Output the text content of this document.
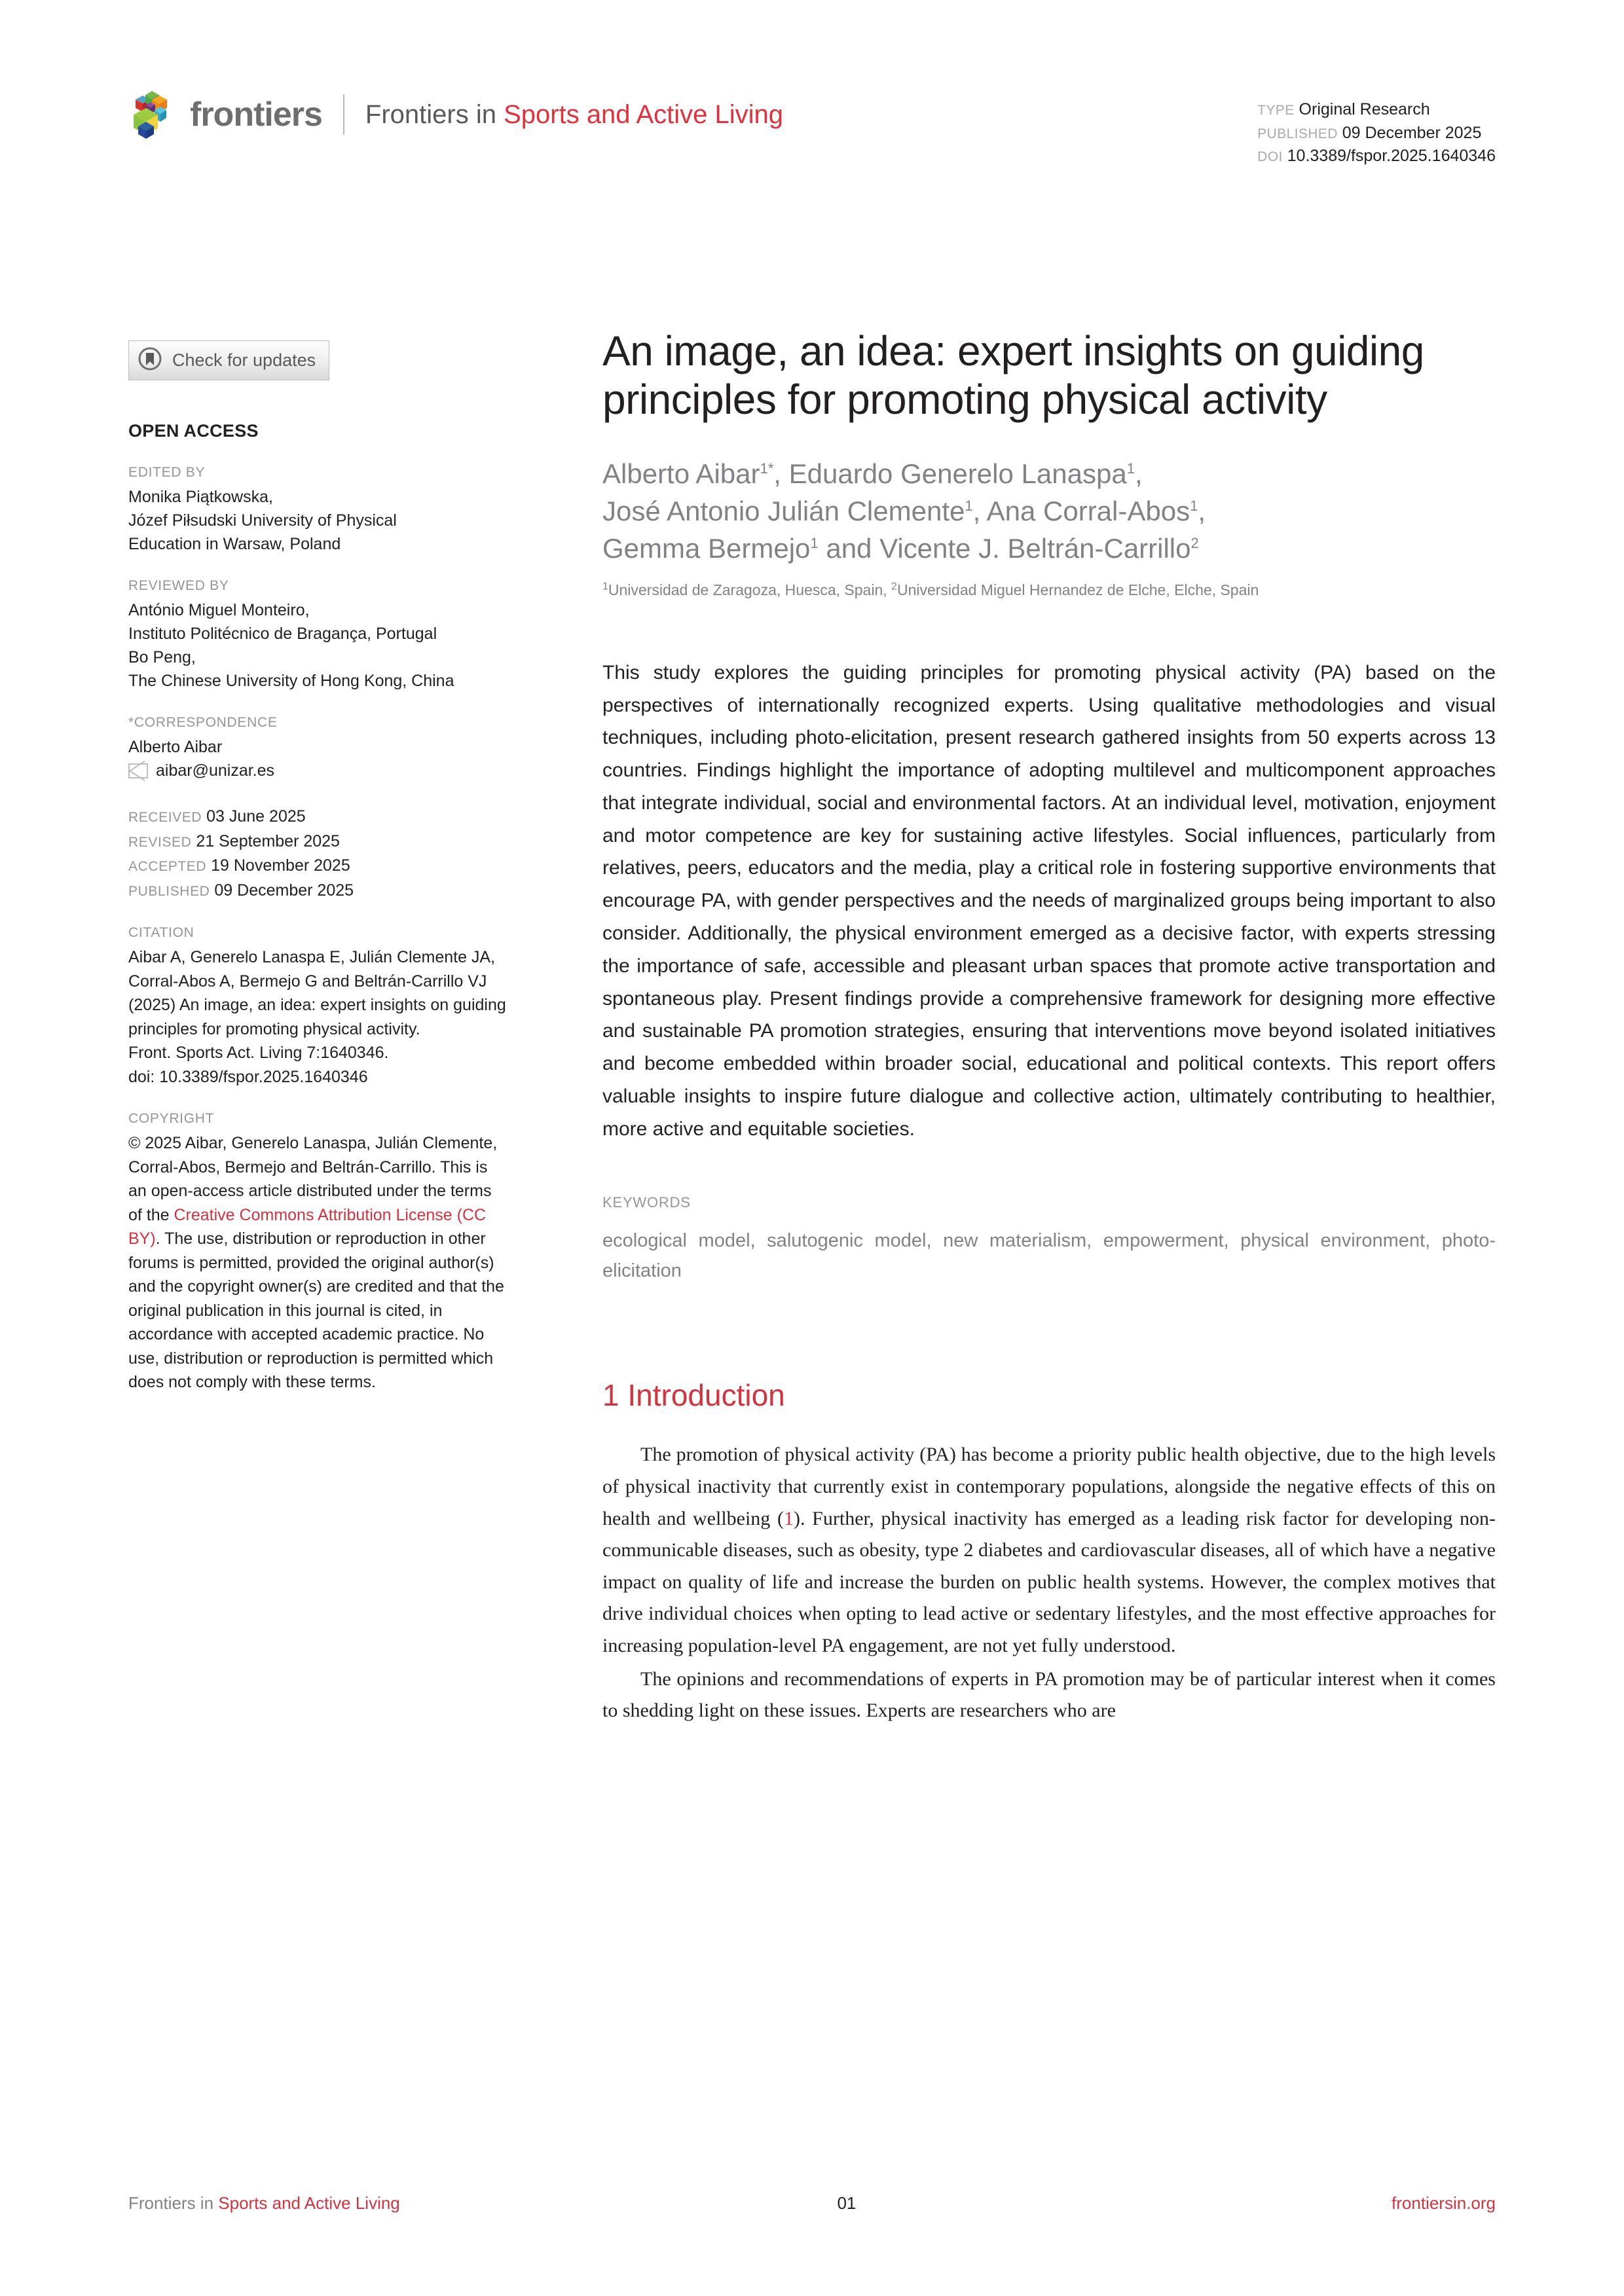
frontiers Frontiers in Sports and Active Living	TYPE Original Research
PUBLISHED 09 December 2025
DOI 10.3389/fspor.2025.1640346
Check for updates
OPEN ACCESS
EDITED BY
Monika Piątkowska,
Józef Piłsudski University of Physical
Education in Warsaw, Poland
REVIEWED BY
António Miguel Monteiro,
Instituto Politécnico de Bragança, Portugal
Bo Peng,
The Chinese University of Hong Kong, China
*CORRESPONDENCE
Alberto Aibar
aibar@unizar.es
RECEIVED 03 June 2025
REVISED 21 September 2025
ACCEPTED 19 November 2025
PUBLISHED 09 December 2025
CITATION
Aibar A, Generelo Lanaspa E, Julián Clemente JA, Corral-Abos A, Bermejo G and Beltrán-Carrillo VJ (2025) An image, an idea: expert insights on guiding principles for promoting physical activity.
Front. Sports Act. Living 7:1640346.
doi: 10.3389/fspor.2025.1640346
COPYRIGHT
© 2025 Aibar, Generelo Lanaspa, Julián Clemente, Corral-Abos, Bermejo and Beltrán-Carrillo. This is an open-access article distributed under the terms of the Creative Commons Attribution License (CC BY). The use, distribution or reproduction in other forums is permitted, provided the original author(s) and the copyright owner(s) are credited and that the original publication in this journal is cited, in accordance with accepted academic practice. No use, distribution or reproduction is permitted which does not comply with these terms.
An image, an idea: expert insights on guiding principles for promoting physical activity
Alberto Aibar$^{1*}$, Eduardo Generelo Lanaspa$^1$,
José Antonio Julián Clemente$^1$, Ana Corral-Abos$^1$,
Gemma Bermejo$^1$ and Vicente J. Beltrán-Carrillo$^2$
$^1$Universidad de Zaragoza, Huesca, Spain, $^2$Universidad Miguel Hernandez de Elche, Elche, Spain
This study explores the guiding principles for promoting physical activity (PA) based on the perspectives of internationally recognized experts. Using qualitative methodologies and visual techniques, including photo-elicitation, present research gathered insights from 50 experts across 13 countries. Findings highlight the importance of adopting multilevel and multicomponent approaches that integrate individual, social and environmental factors. At an individual level, motivation, enjoyment and motor competence are key for sustaining active lifestyles. Social influences, particularly from relatives, peers, educators and the media, play a critical role in fostering supportive environments that encourage PA, with gender perspectives and the needs of marginalized groups being important to also consider. Additionally, the physical environment emerged as a decisive factor, with experts stressing the importance of safe, accessible and pleasant urban spaces that promote active transportation and spontaneous play. Present findings provide a comprehensive framework for designing more effective and sustainable PA promotion strategies, ensuring that interventions move beyond isolated initiatives and become embedded within broader social, educational and political contexts. This report offers valuable insights to inspire future dialogue and collective action, ultimately contributing to healthier, more active and equitable societies.
KEYWORDS
ecological model, salutogenic model, new materialism, empowerment, physical environment, photo-elicitation
1 Introduction

The promotion of physical activity (PA) has become a priority public health objective, due to the high levels of physical inactivity that currently exist in contemporary populations, alongside the negative effects of this on health and wellbeing (1). Further, physical inactivity has emerged as a leading risk factor for developing non-communicable diseases, such as obesity, type 2 diabetes and cardiovascular diseases, all of which have a negative impact on quality of life and increase the burden on public health systems. However, the complex motives that drive individual choices when opting to lead active or sedentary lifestyles, and the most effective approaches for increasing population-level PA engagement, are not yet fully understood.

The opinions and recommendations of experts in PA promotion may be of particular interest when it comes to shedding light on these issues. Experts are researchers who are

Frontiers in Sports and Active Living	01	frontiersin.org
